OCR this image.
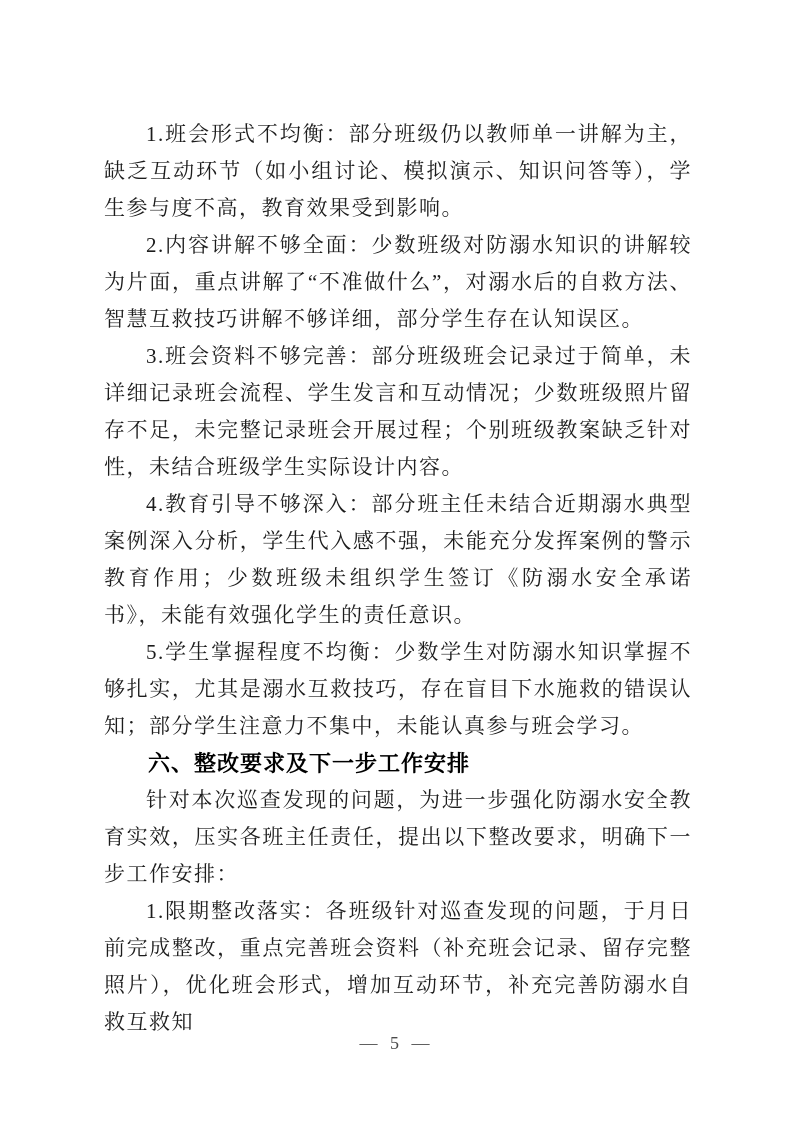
1.班会形式不均衡：部分班级仍以教师单一讲解为主，缺乏互动环节（如小组讨论、模拟演示、知识问答等），学生参与度不高，教育效果受到影响。

2.内容讲解不够全面：少数班级对防溺水知识的讲解较为片面，重点讲解了“不准做什么”，对溺水后的自救方法、智慧互救技巧讲解不够详细，部分学生存在认知误区。

3.班会资料不够完善：部分班级班会记录过于简单，未详细记录班会流程、学生发言和互动情况；少数班级照片留存不足，未完整记录班会开展过程；个别班级教案缺乏针对性，未结合班级学生实际设计内容。

4.教育引导不够深入：部分班主任未结合近期溺水典型案例深入分析，学生代入感不强，未能充分发挥案例的警示教育作用；少数班级未组织学生签订《防溺水安全承诺书》，未能有效强化学生的责任意识。

5.学生掌握程度不均衡：少数学生对防溺水知识掌握不够扎实，尤其是溺水互救技巧，存在盲目下水施救的错误认知；部分学生注意力不集中，未能认真参与班会学习。

六、整改要求及下一步工作安排

针对本次巡查发现的问题，为进一步强化防溺水安全教育实效，压实各班主任责任，提出以下整改要求，明确下一步工作安排：

1.限期整改落实：各班级针对巡查发现的问题，于月日前完成整改，重点完善班会资料（补充班会记录、留存完整照片），优化班会形式，增加互动环节，补充完善防溺水自救互救知

— 5 —
